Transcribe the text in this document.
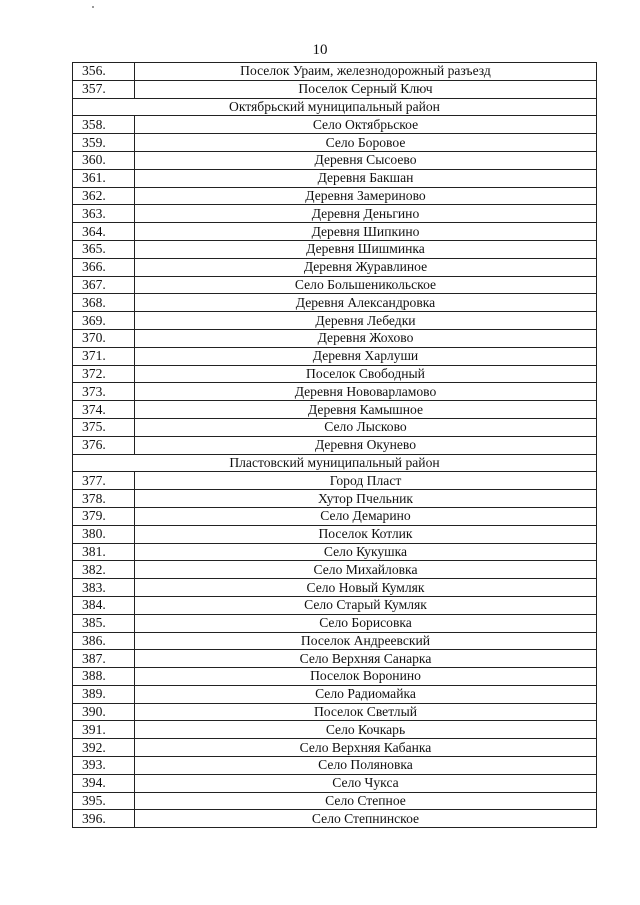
10
356.	Поселок Ураим, железнодорожный разъезд
357.	Поселок Серный Ключ
Октябрьский муниципальный район	
358.	Село Октябрьское
359.	Село Боровое
360.	Деревня Сысоево
361.	Деревня Бакшан
362.	Деревня Замериново
363.	Деревня Деньгино
364.	Деревня Шипкино
365.	Деревня Шишминка
366.	Деревня Журавлиное
367.	Село Большеникольское
368.	Деревня Александровка
369.	Деревня Лебедки
370.	Деревня Жохово
371.	Деревня Харлуши
372.	Поселок Свободный
373.	Деревня Нововарламово
374.	Деревня Камышное
375.	Село Лысково
376.	Деревня Окунево
Пластовский муниципальный район	
377.	Город Пласт
378.	Хутор Пчельник
379.	Село Демарино
380.	Поселок Котлик
381.	Село Кукушка
382.	Село Михайловка
383.	Село Новый Кумляк
384.	Село Старый Кумляк
385.	Село Борисовка
386.	Поселок Андреевский
387.	Село Верхняя Санарка
388.	Поселок Воронино
389.	Село Радиомайка
390.	Поселок Светлый
391.	Село Кочкарь
392.	Село Верхняя Кабанка
393.	Село Поляновка
394.	Село Чукса
395.	Село Степное
396.	Село Степнинское
